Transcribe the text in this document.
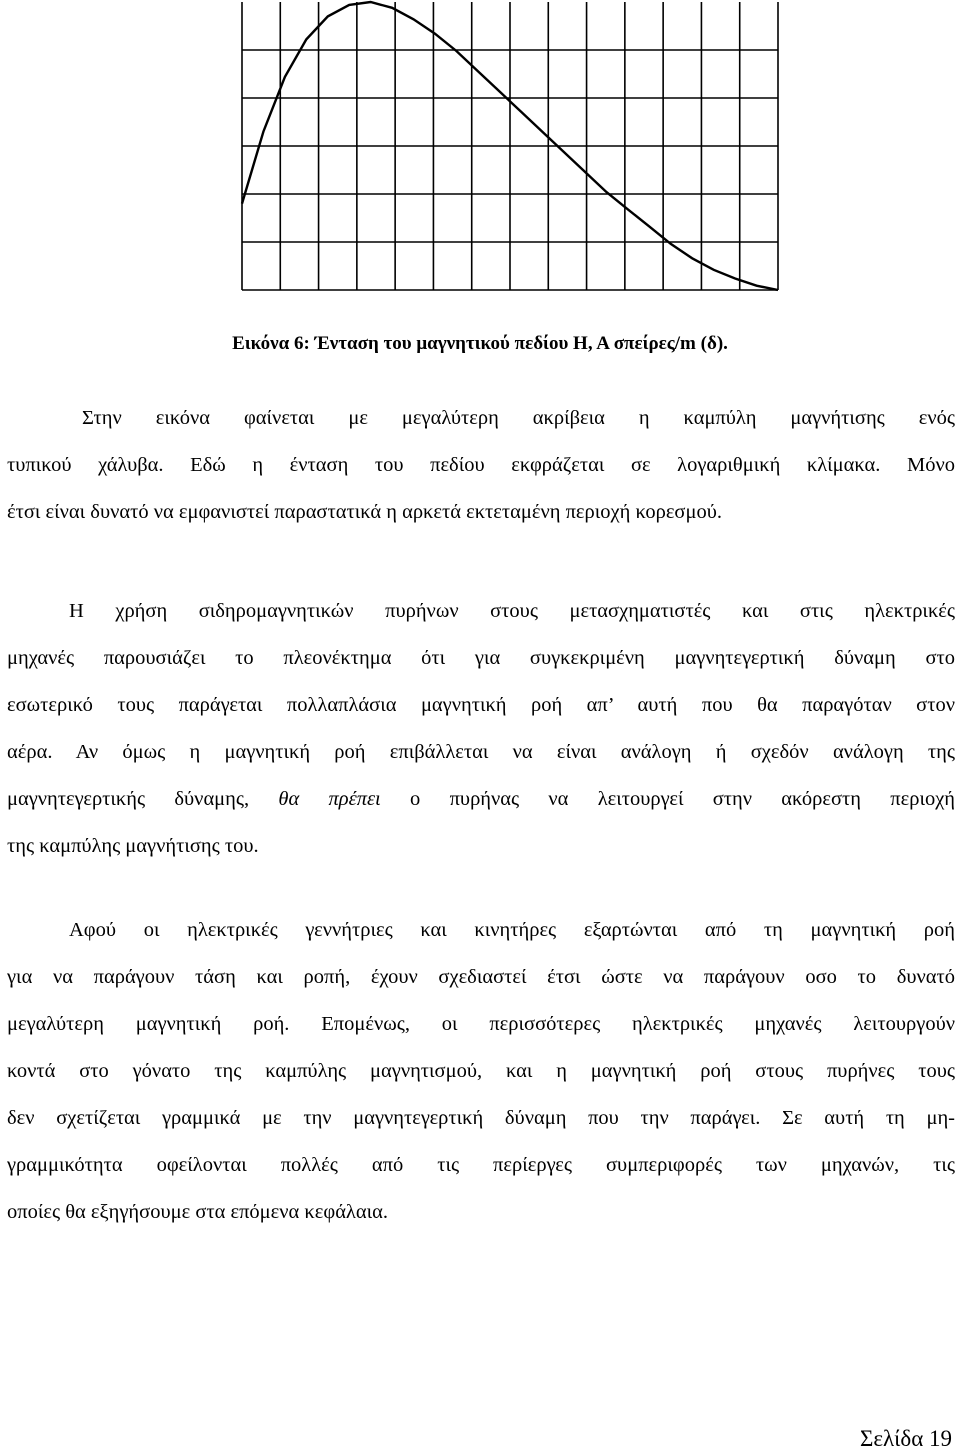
Εικόνα 6: Ένταση του μαγνητικού πεδίου Η, Α σπείρες/m (δ).
Στην εικόνα φαίνεται με μεγαλύτερη ακρίβεια η καμπύλη μαγνήτισης ενός
τυπικού χάλυβα. Εδώ η ένταση του πεδίου εκφράζεται σε λογαριθμική κλίμακα. Μόνο
έτσι είναι δυνατό να εμφανιστεί παραστατικά η αρκετά εκτεταμένη περιοχή κορεσμού.
Η χρήση σιδηρομαγνητικών πυρήνων στους μετασχηματιστές και στις ηλεκτρικές
μηχανές παρουσιάζει το πλεονέκτημα ότι για συγκεκριμένη μαγνητεγερτική δύναμη στο
εσωτερικό τους παράγεται πολλαπλάσια μαγνητική ροή απ’ αυτή που θα παραγόταν στον
αέρα. Αν όμως η μαγνητική ροή επιβάλλεται να είναι ανάλογη ή σχεδόν ανάλογη της
μαγνητεγερτικής δύναμης, θα πρέπει ο πυρήνας να λειτουργεί στην ακόρεστη περιοχή
της καμπύλης μαγνήτισης του.
Αφού οι ηλεκτρικές γεννήτριες και κινητήρες εξαρτώνται από τη μαγνητική ροή
για να παράγουν τάση και ροπή, έχουν σχεδιαστεί έτσι ώστε να παράγουν οσο το δυνατό
μεγαλύτερη μαγνητική ροή. Επομένως, οι περισσότερες ηλεκτρικές μηχανές λειτουργούν
κοντά στο γόνατο της καμπύλης μαγνητισμού, και η μαγνητική ροή στους πυρήνες τους
δεν σχετίζεται γραμμικά με την μαγνητεγερτική δύναμη που την παράγει. Σε αυτή τη μη-
γραμμικότητα οφείλονται πολλές από τις περίεργες συμπεριφορές των μηχανών, τις
οποίες θα εξηγήσουμε στα επόμενα κεφάλαια.
Σελίδα 19
